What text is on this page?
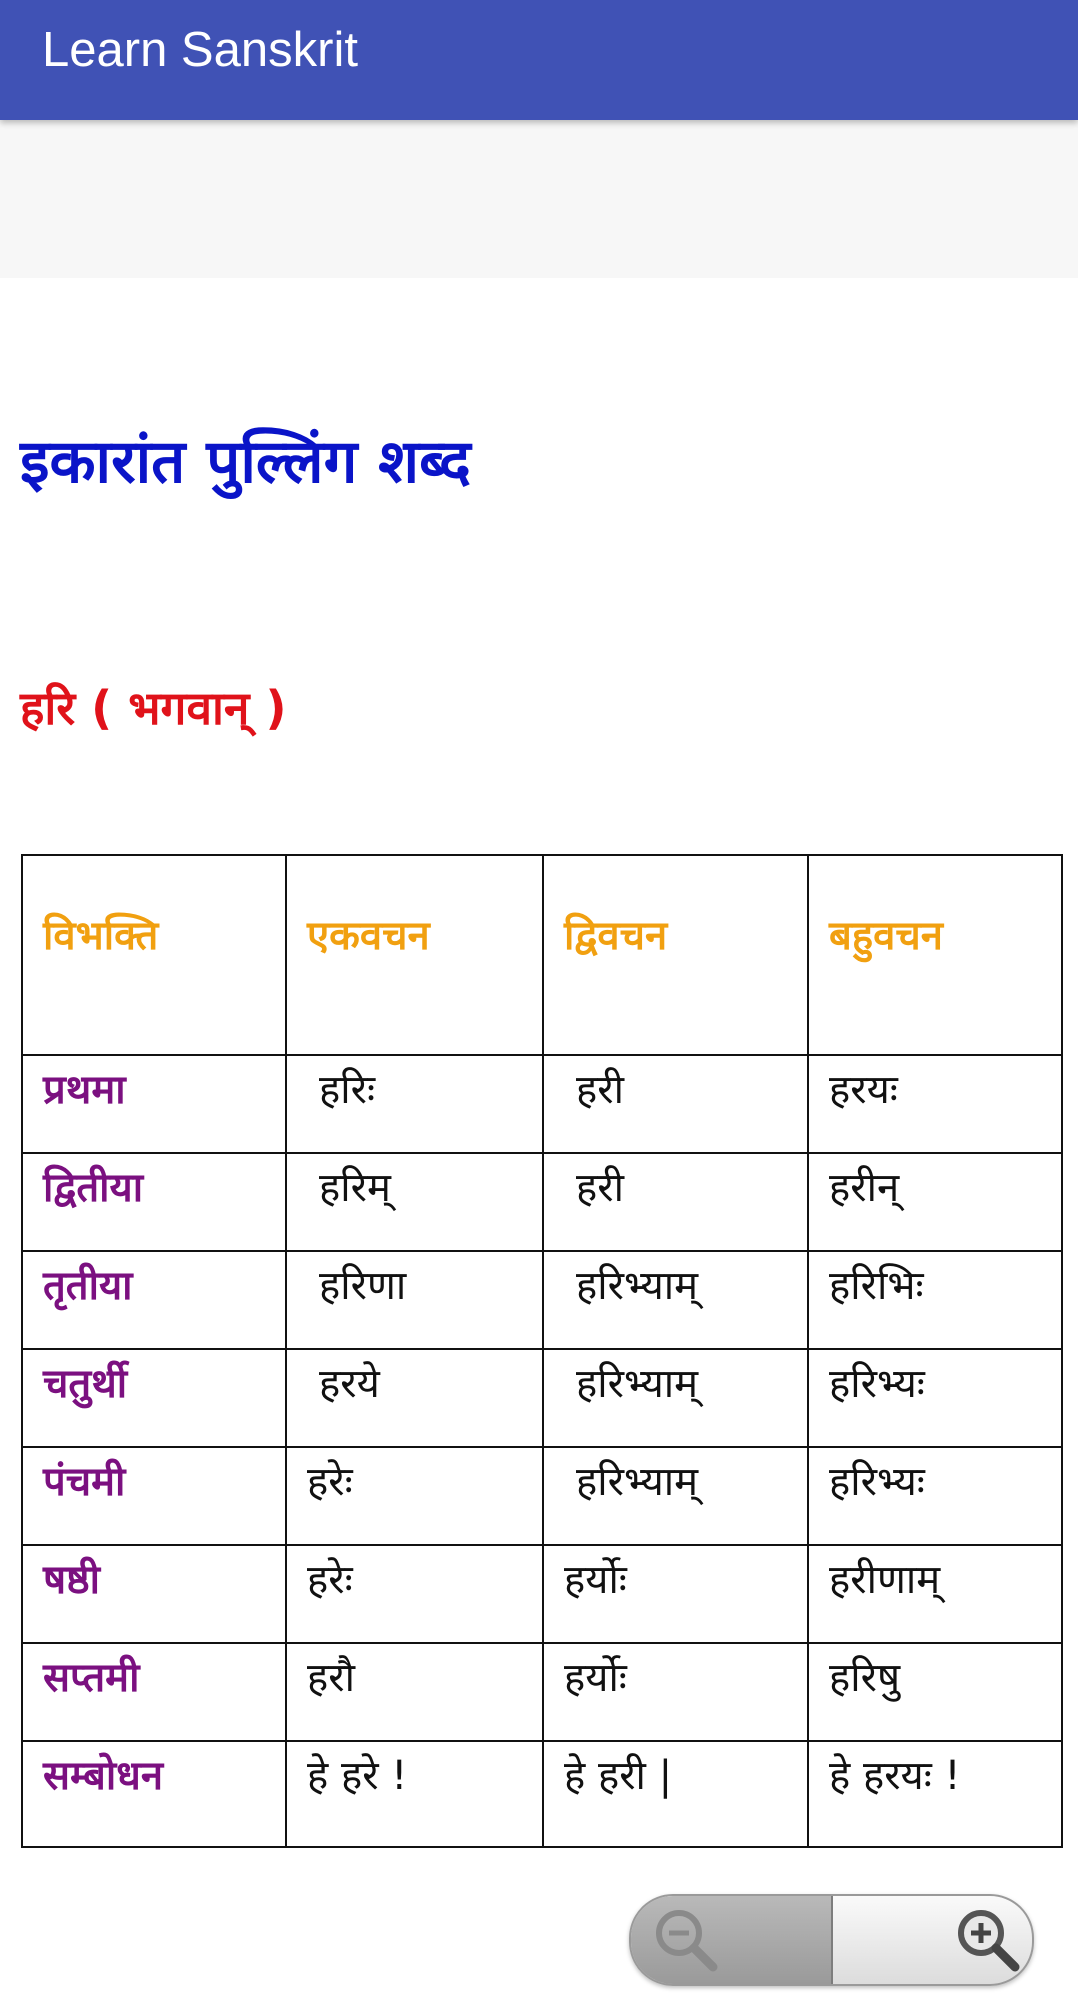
Learn Sanskrit
इकारांत पुल्लिंग शब्द
हरि ( भगवान् )
विभक्ति	एकवचन	द्विवचन	बहुवचन

प्रथमा	हरिः	हरी	हरयः

द्वितीया	हरिम्	हरी	हरीन्

तृतीया	हरिणा	हरिभ्याम्	हरिभिः

चतुर्थी	हरये	हरिभ्याम्	हरिभ्यः

पंचमी	हरेः	हरिभ्याम्	हरिभ्यः

षष्ठी	हरेः	हर्योः	हरीणाम्

सप्तमी	हरौ	हर्योः	हरिषु

सम्बोधन	हे हरे !	हे हरी |	हे हरयः !
